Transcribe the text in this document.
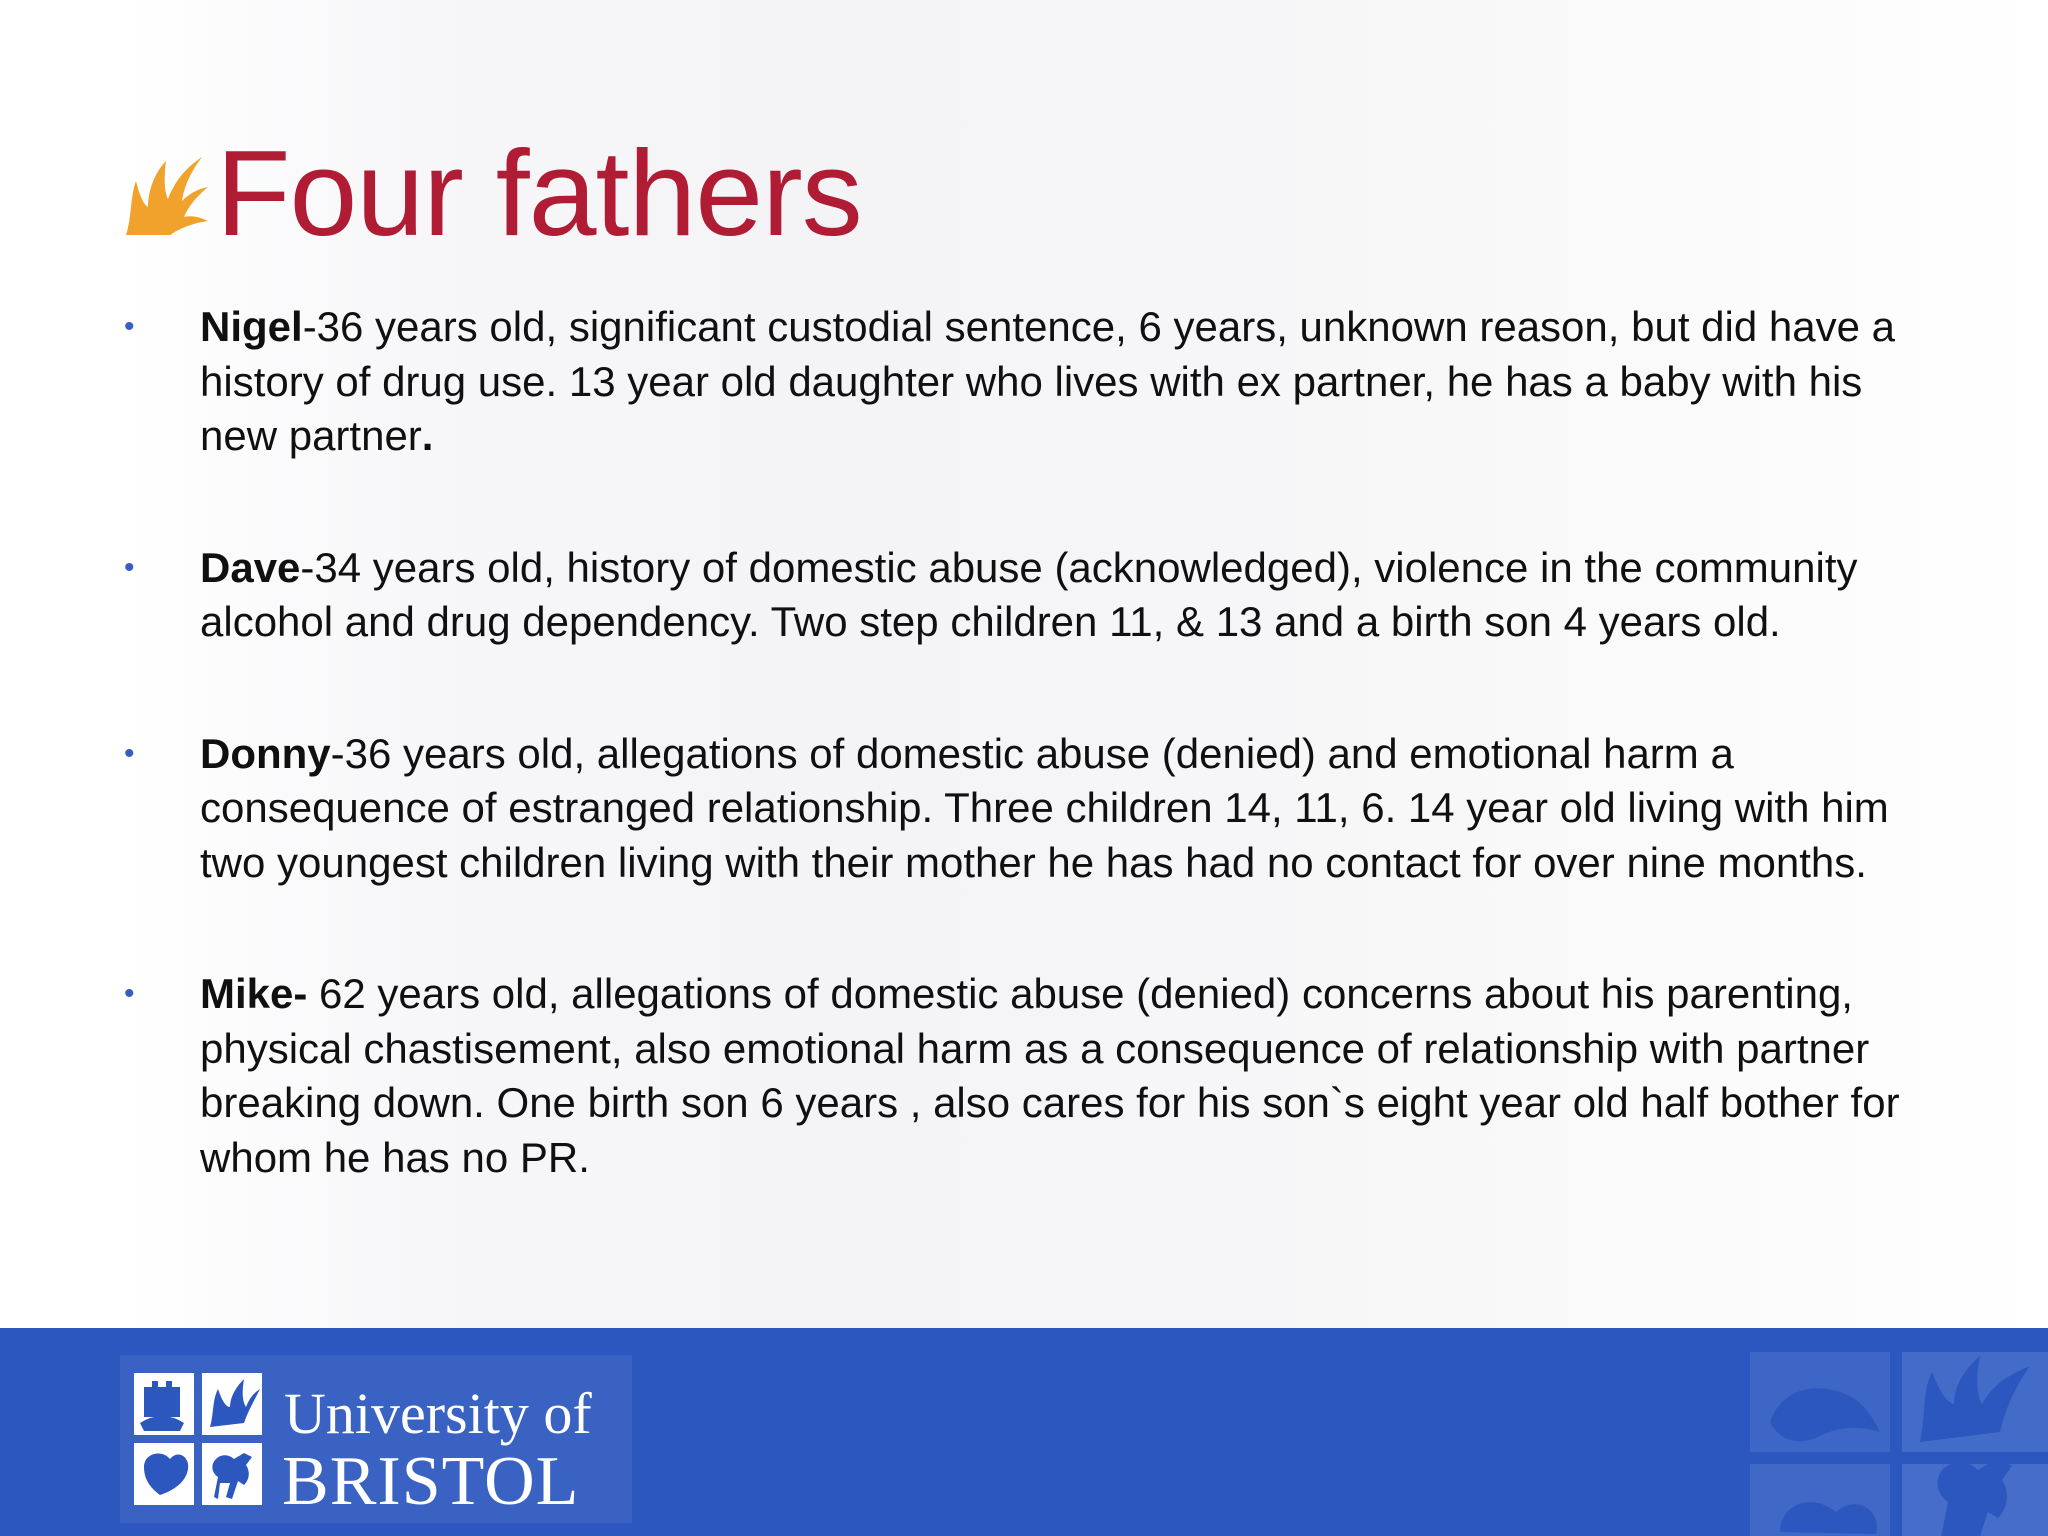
Four fathers
• Nigel-36 years old, significant custodial sentence, 6 years, unknown reason, but did have a history of drug use. 13 year old daughter who lives with ex partner, he has a baby with his new partner.
• Dave-34 years old, history of domestic abuse (acknowledged), violence in the community alcohol and drug dependency. Two step children 11, & 13 and a birth son 4 years old.
• Donny-36 years old, allegations of domestic abuse (denied) and emotional harm a consequence of estranged relationship. Three children 14, 11, 6. 14 year old living with him two youngest children living with their mother he has had no contact for over nine months.
• Mike- 62 years old, allegations of domestic abuse (denied) concerns about his parenting, physical chastisement, also emotional harm as a consequence of relationship with partner breaking down. One birth son 6 years , also cares for his son`s eight year old half bother for whom he has no PR.
University of
BRISTOL
